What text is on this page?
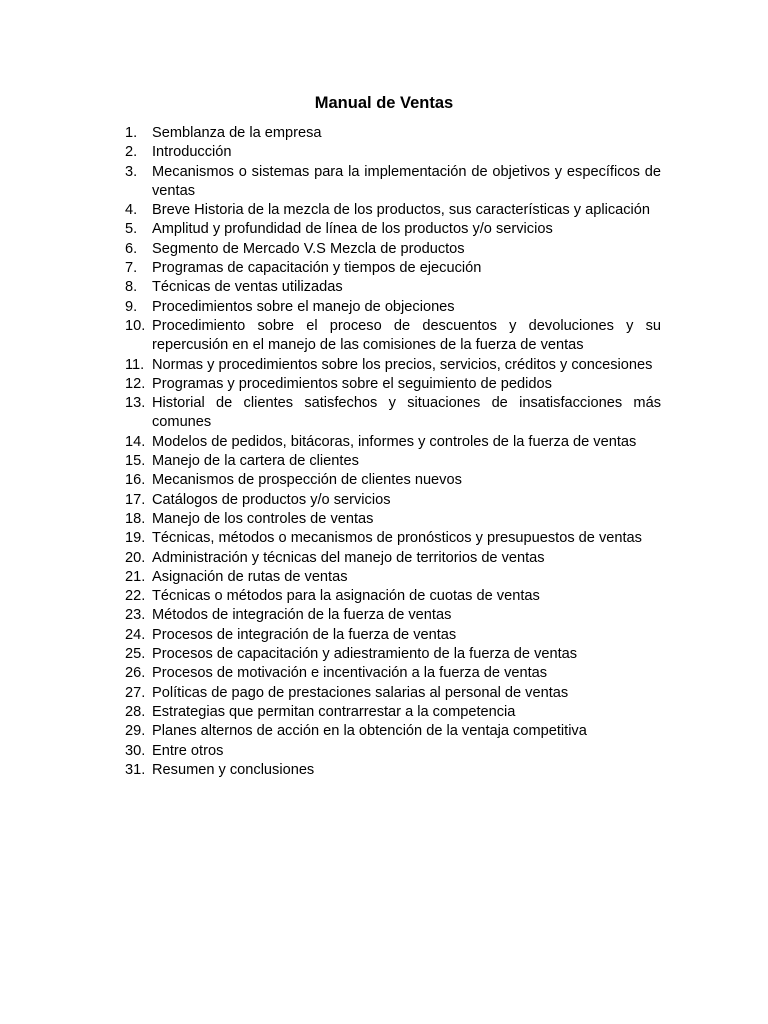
Manual de Ventas
1.	Semblanza de la empresa
2.	Introducción
3.	Mecanismos o sistemas para la implementación de objetivos y específicos de ventas
4.	Breve Historia de la mezcla de los productos, sus características y aplicación
5.	Amplitud y profundidad de línea de los productos y/o servicios
6.	Segmento de Mercado V.S Mezcla de productos
7.	Programas de capacitación y tiempos de ejecución
8.	Técnicas de ventas utilizadas
9.	Procedimientos sobre el manejo de objeciones
10. Procedimiento sobre el proceso de descuentos y devoluciones y su repercusión en el manejo de las comisiones de la fuerza de ventas
11. Normas y procedimientos sobre los precios, servicios, créditos y concesiones
12. Programas y procedimientos sobre el seguimiento de pedidos
13. Historial de clientes satisfechos y situaciones de insatisfacciones más comunes
14. Modelos de pedidos, bitácoras, informes y controles de la fuerza de ventas
15. Manejo de la cartera de clientes
16. Mecanismos de prospección de clientes nuevos
17. Catálogos de productos y/o servicios
18. Manejo de los controles de ventas
19. Técnicas, métodos o mecanismos de pronósticos y presupuestos de ventas
20. Administración y técnicas del manejo de territorios de ventas
21. Asignación de rutas de ventas
22. Técnicas o métodos para la asignación de cuotas de ventas
23. Métodos de integración de la fuerza de ventas
24. Procesos de integración de la fuerza de ventas
25. Procesos de capacitación y adiestramiento de la fuerza de ventas
26. Procesos de motivación e incentivación a la fuerza de ventas
27. Políticas de pago de prestaciones salarias al personal de ventas
28. Estrategias que permitan contrarrestar a la competencia
29. Planes alternos de acción en la obtención de la ventaja competitiva
30. Entre otros
31. Resumen y conclusiones
